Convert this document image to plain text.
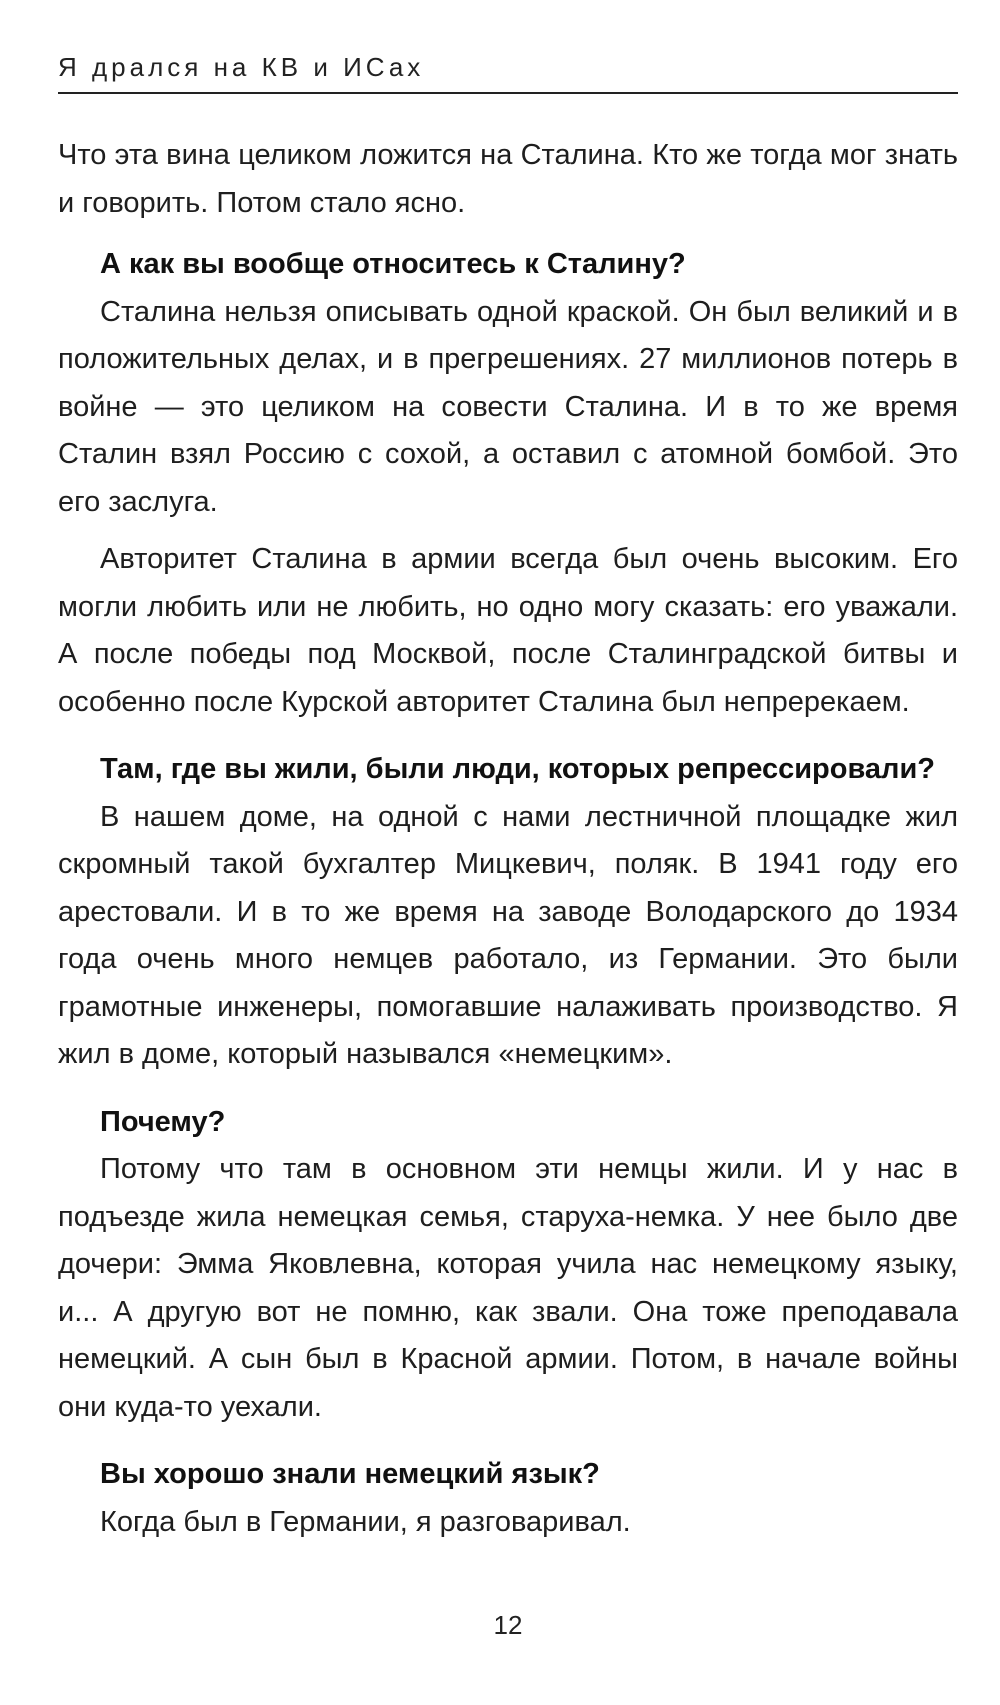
Я дрался на КВ и ИСах

Что эта вина целиком ложится на Сталина. Кто же тогда мог знать и говорить. Потом стало ясно.

А как вы вообще относитесь к Сталину?

Сталина нельзя описывать одной краской. Он был великий и в положительных делах, и в прегрешениях. 27 миллионов потерь в войне — это целиком на совести Сталина. И в то же время Сталин взял Россию с сохой, а оставил с атомной бомбой. Это его заслуга.

Авторитет Сталина в армии всегда был очень высоким. Его могли любить или не любить, но одно могу сказать: его уважали. А после победы под Москвой, после Сталинградской битвы и особенно после Курской авторитет Сталина был непререкаем.

Там, где вы жили, были люди, которых репрессировали?

В нашем доме, на одной с нами лестничной площадке жил скромный такой бухгалтер Мицкевич, поляк. В 1941 году его арестовали. И в то же время на заводе Володарского до 1934 года очень много немцев работало, из Германии. Это были грамотные инженеры, помогавшие налаживать производство. Я жил в доме, который назывался «немецким».

Почему?

Потому что там в основном эти немцы жили. И у нас в подъезде жила немецкая семья, старуха-немка. У нее было две дочери: Эмма Яковлевна, которая учила нас немецкому языку, и... А другую вот не помню, как звали. Она тоже преподавала немецкий. А сын был в Красной армии. Потом, в начале войны они куда-то уехали.

Вы хорошо знали немецкий язык?

Когда был в Германии, я разговаривал.

12
